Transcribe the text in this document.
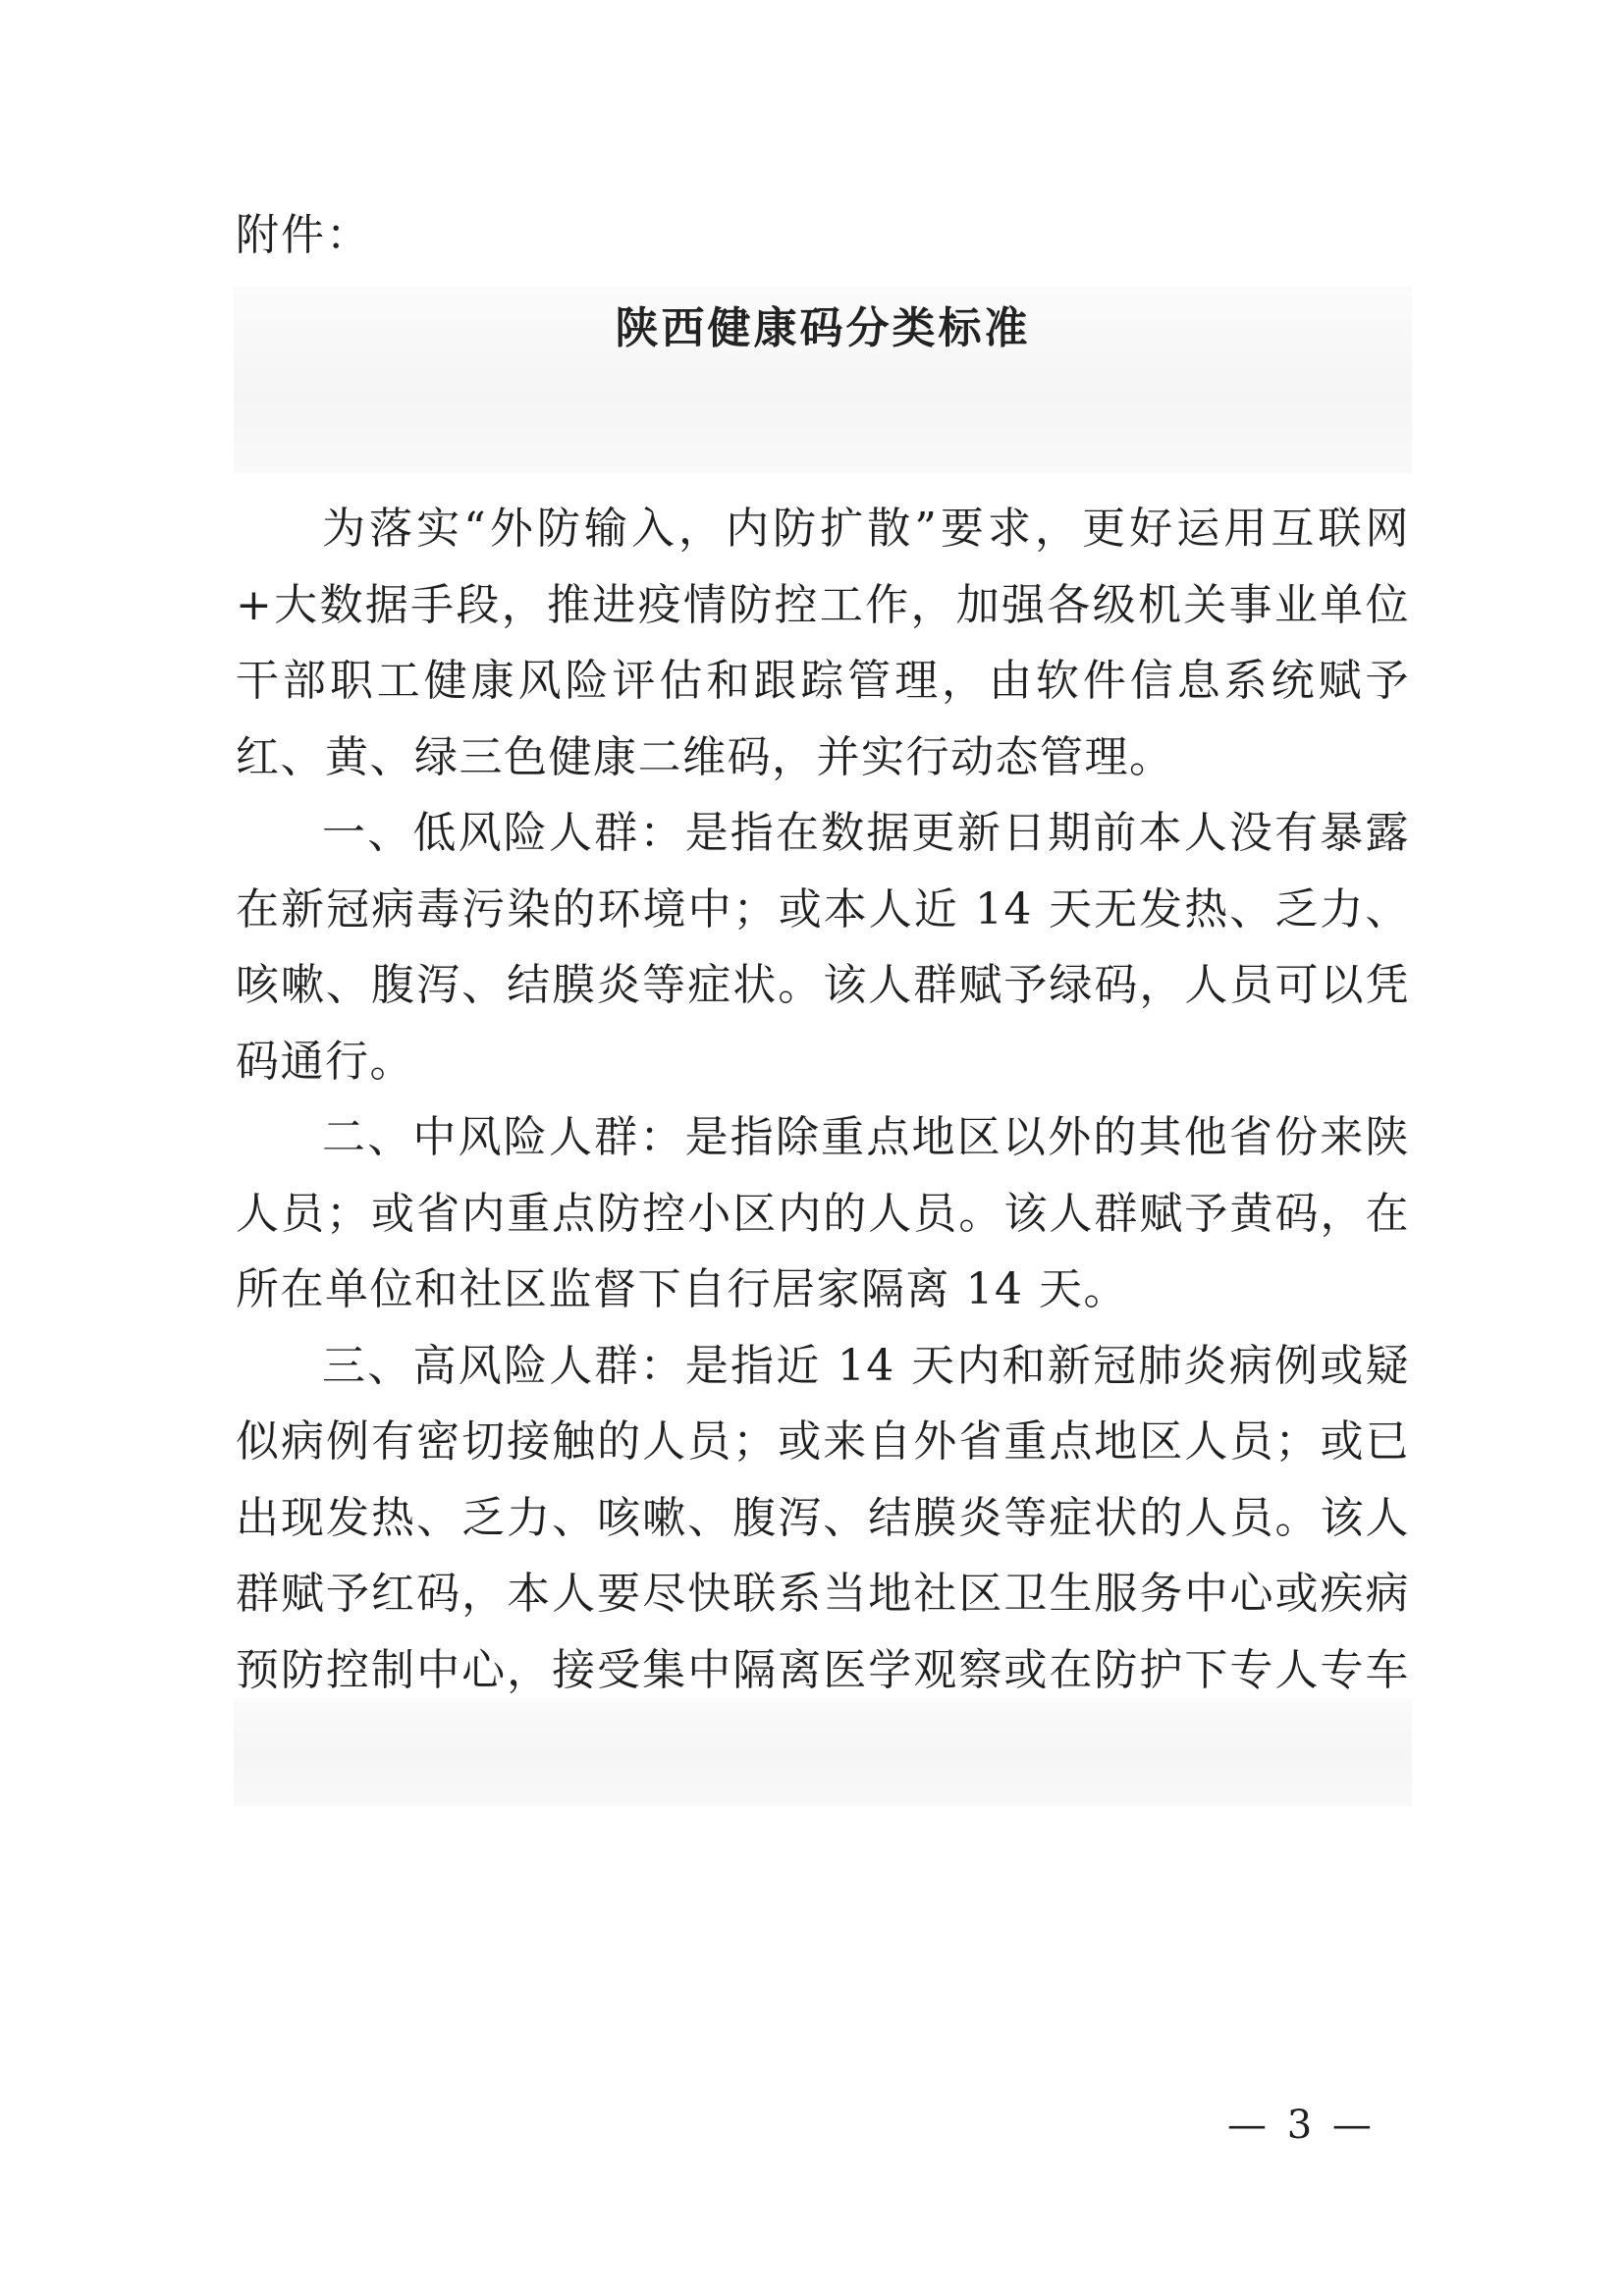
附件：
陕西健康码分类标准

为落实“外防输入，内防扩散”要求，更好运用互联网+大数据手段，推进疫情防控工作，加强各级机关事业单位干部职工健康风险评估和跟踪管理，由软件信息系统赋予红、黄、绿三色健康二维码，并实行动态管理。

一、低风险人群：是指在数据更新日期前本人没有暴露在新冠病毒污染的环境中；或本人近 14 天无发热、乏力、咳嗽、腹泻、结膜炎等症状。该人群赋予绿码，人员可以凭码通行。

二、中风险人群：是指除重点地区以外的其他省份来陕人员；或省内重点防控小区内的人员。该人群赋予黄码，在所在单位和社区监督下自行居家隔离 14 天。

三、高风险人群：是指近 14 天内和新冠肺炎病例或疑似病例有密切接触的人员；或来自外省重点地区人员；或已出现发热、乏力、咳嗽、腹泻、结膜炎等症状的人员。该人群赋予红码，本人要尽快联系当地社区卫生服务中心或疾病预防控制中心，接受集中隔离医学观察或在防护下专人专车

— 3 —
